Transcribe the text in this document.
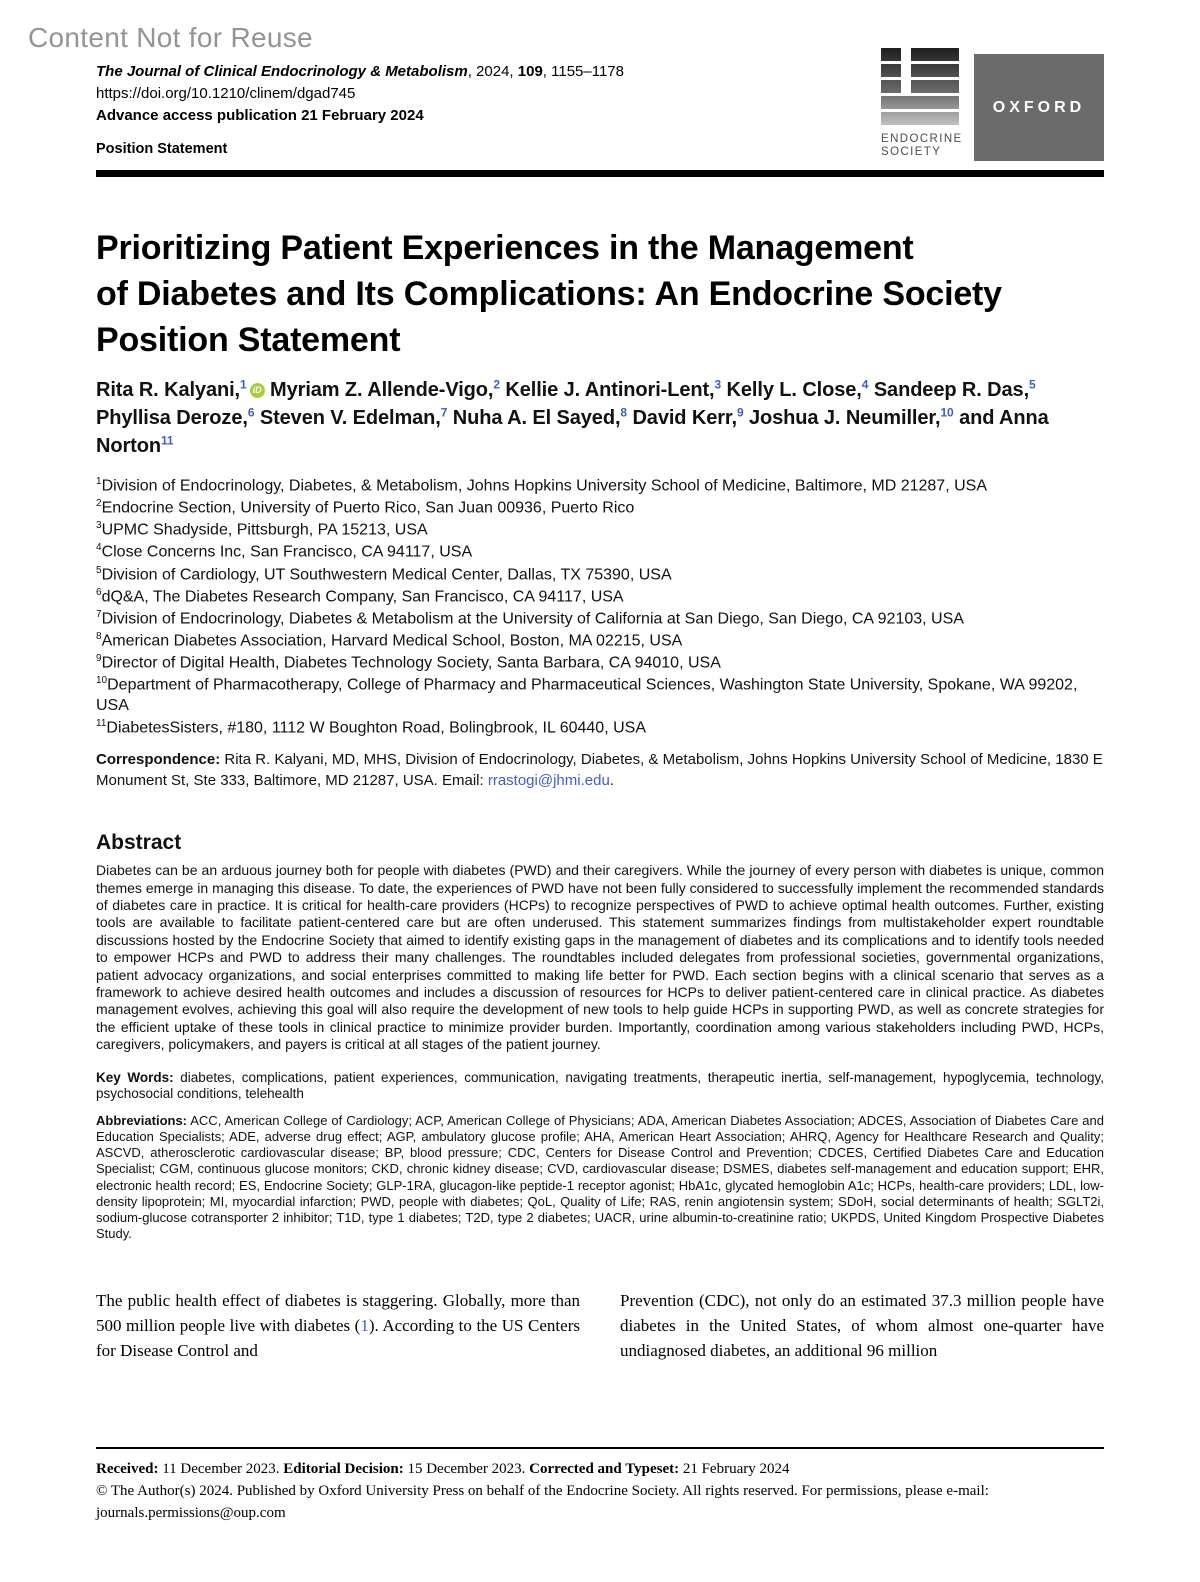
Content Not for Reuse
The Journal of Clinical Endocrinology & Metabolism, 2024, 109, 1155–1178
https://doi.org/10.1210/clinem/dgad745
Advance access publication 21 February 2024
Position Statement
ENDOCRINE
SOCIETY
OXFORD
Prioritizing Patient Experiences in the Management
of Diabetes and Its Complications: An Endocrine Society
Position Statement

Rita R. Kalyani,$^1$ iD Myriam Z. Allende-Vigo,$^2$ Kellie J. Antinori-Lent,$^3$ Kelly L. Close,$^4$ Sandeep R. Das,$^5$ Phyllisa Deroze,$^6$ Steven V. Edelman,$^7$ Nuha A. El Sayed,$^8$ David Kerr,$^9$ Joshua J. Neumiller,$^{10}$ and Anna Norton$^{11}$

$^1$Division of Endocrinology, Diabetes, & Metabolism, Johns Hopkins University School of Medicine, Baltimore, MD 21287, USA
$^2$Endocrine Section, University of Puerto Rico, San Juan 00936, Puerto Rico
$^3$UPMC Shadyside, Pittsburgh, PA 15213, USA
$^4$Close Concerns Inc, San Francisco, CA 94117, USA
$^5$Division of Cardiology, UT Southwestern Medical Center, Dallas, TX 75390, USA
$^6$dQ&A, The Diabetes Research Company, San Francisco, CA 94117, USA
$^7$Division of Endocrinology, Diabetes & Metabolism at the University of California at San Diego, San Diego, CA 92103, USA
$^8$American Diabetes Association, Harvard Medical School, Boston, MA 02215, USA
$^9$Director of Digital Health, Diabetes Technology Society, Santa Barbara, CA 94010, USA
$^{10}$Department of Pharmacotherapy, College of Pharmacy and Pharmaceutical Sciences, Washington State University, Spokane, WA 99202, USA
$^{11}$DiabetesSisters, #180, 1112 W Boughton Road, Bolingbrook, IL 60440, USA

Correspondence: Rita R. Kalyani, MD, MHS, Division of Endocrinology, Diabetes, & Metabolism, Johns Hopkins University School of Medicine, 1830 E Monument St, Ste 333, Baltimore, MD 21287, USA. Email: rrastogi@jhmi.edu.

Abstract

Diabetes can be an arduous journey both for people with diabetes (PWD) and their caregivers. While the journey of every person with diabetes is unique, common themes emerge in managing this disease. To date, the experiences of PWD have not been fully considered to successfully implement the recommended standards of diabetes care in practice. It is critical for health-care providers (HCPs) to recognize perspectives of PWD to achieve optimal health outcomes. Further, existing tools are available to facilitate patient-centered care but are often underused. This statement summarizes findings from multistakeholder expert roundtable discussions hosted by the Endocrine Society that aimed to identify existing gaps in the management of diabetes and its complications and to identify tools needed to empower HCPs and PWD to address their many challenges. The roundtables included delegates from professional societies, governmental organizations, patient advocacy organizations, and social enterprises committed to making life better for PWD. Each section begins with a clinical scenario that serves as a framework to achieve desired health outcomes and includes a discussion of resources for HCPs to deliver patient-centered care in clinical practice. As diabetes management evolves, achieving this goal will also require the development of new tools to help guide HCPs in supporting PWD, as well as concrete strategies for the efficient uptake of these tools in clinical practice to minimize provider burden. Importantly, coordination among various stakeholders including PWD, HCPs, caregivers, policymakers, and payers is critical at all stages of the patient journey.

Key Words: diabetes, complications, patient experiences, communication, navigating treatments, therapeutic inertia, self-management, hypoglycemia, technology, psychosocial conditions, telehealth

Abbreviations: ACC, American College of Cardiology; ACP, American College of Physicians; ADA, American Diabetes Association; ADCES, Association of Diabetes Care and Education Specialists; ADE, adverse drug effect; AGP, ambulatory glucose profile; AHA, American Heart Association; AHRQ, Agency for Healthcare Research and Quality; ASCVD, atherosclerotic cardiovascular disease; BP, blood pressure; CDC, Centers for Disease Control and Prevention; CDCES, Certified Diabetes Care and Education Specialist; CGM, continuous glucose monitors; CKD, chronic kidney disease; CVD, cardiovascular disease; DSMES, diabetes self-management and education support; EHR, electronic health record; ES, Endocrine Society; GLP-1RA, glucagon-like peptide-1 receptor agonist; HbA1c, glycated hemoglobin A1c; HCPs, health-care providers; LDL, low-density lipoprotein; MI, myocardial infarction; PWD, people with diabetes; QoL, Quality of Life; RAS, renin angiotensin system; SDoH, social determinants of health; SGLT2i, sodium-glucose cotransporter 2 inhibitor; T1D, type 1 diabetes; T2D, type 2 diabetes; UACR, urine albumin-to-creatinine ratio; UKPDS, United Kingdom Prospective Diabetes Study.

The public health effect of diabetes is staggering. Globally, more than 500 million people live with diabetes (1). According to the US Centers for Disease Control and

Prevention (CDC), not only do an estimated 37.3 million people have diabetes in the United States, of whom almost one-quarter have undiagnosed diabetes, an additional 96 million

Received: 11 December 2023. Editorial Decision: 15 December 2023. Corrected and Typeset: 21 February 2024

© The Author(s) 2024. Published by Oxford University Press on behalf of the Endocrine Society. All rights reserved. For permissions, please e-mail: journals.permissions@oup.com
